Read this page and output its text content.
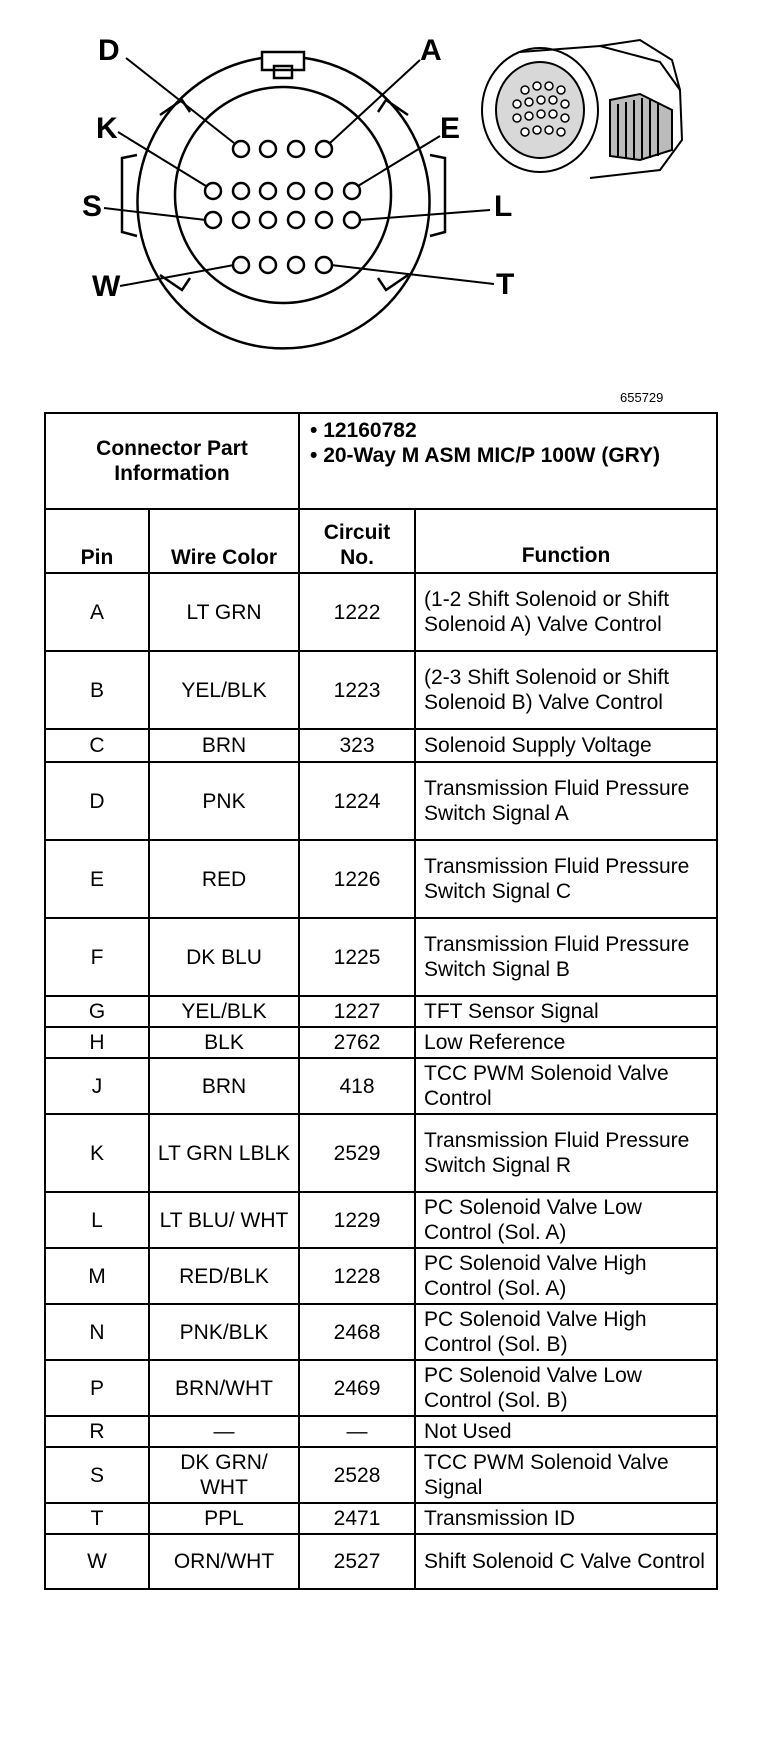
D	A
K	E
S	L
W	T
655729
Connector Part Information		• 12160782
• 20-Way M ASM MIC/P 100W (GRY)	

Pin	Wire Color	Circuit No.	Function
A	LT GRN	1222	(1-2 Shift Solenoid or Shift Solenoid A) Valve Control
B	YEL/BLK	1223	(2-3 Shift Solenoid or Shift Solenoid B) Valve Control
C	BRN	323	Solenoid Supply Voltage
D	PNK	1224	Transmission Fluid Pressure Switch Signal A
E	RED	1226	Transmission Fluid Pressure Switch Signal C
F	DK BLU	1225	Transmission Fluid Pressure Switch Signal B
G	YEL/BLK	1227	TFT Sensor Signal
H	BLK	2762	Low Reference
J	BRN	418	TCC PWM Solenoid Valve Control
K	LT GRN LBLK	2529	Transmission Fluid Pressure Switch Signal R
L	LT BLU/ WHT	1229	PC Solenoid Valve Low Control (Sol. A)
M	RED/BLK	1228	PC Solenoid Valve High Control (Sol. A)
N	PNK/BLK	2468	PC Solenoid Valve High Control (Sol. B)
P	BRN/WHT	2469	PC Solenoid Valve Low Control (Sol. B)
R	—	—	Not Used
S	DK GRN/ WHT	2528	TCC PWM Solenoid Valve Signal
T	PPL	2471	Transmission ID
W	ORN/WHT	2527	Shift Solenoid C Valve Control
